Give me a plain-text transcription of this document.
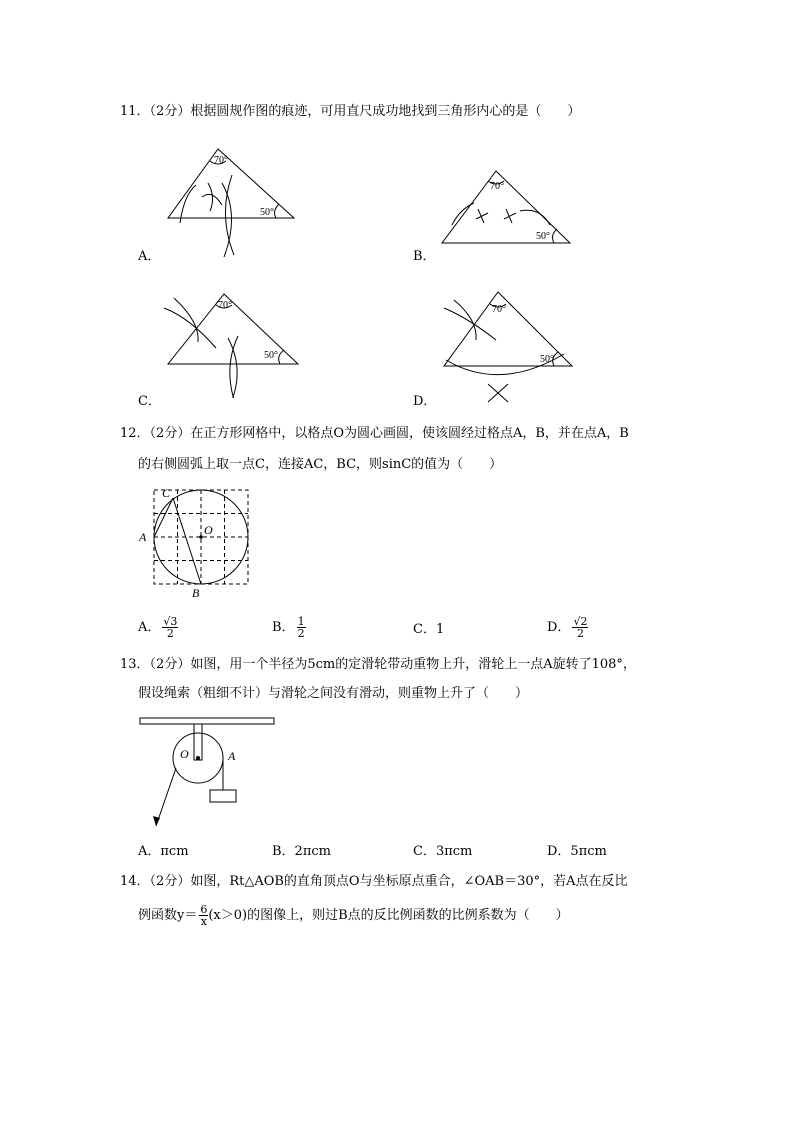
11．（2分）根据圆规作图的痕迹，可用直尺成功地找到三角形内心的是（　　）
70°
50°
A．
70°
50°
B．
70°
50°
C．
70°
50°
D．
12．（2分）在正方形网格中，以格点O为圆心画圆，使该圆经过格点A，B，并在点A，B
的右侧圆弧上取一点C，连接AC，BC，则sinC的值为（　　）
C
O
A
B
A． $\frac{√3}{2}$	B． $\frac{1}{2}$	C．1	D． $\frac{√2}{2}$
13．（2分）如图，用一个半径为5cm的定滑轮带动重物上升，滑轮上一点A旋转了108°，
假设绳索（粗细不计）与滑轮之间没有滑动，则重物上升了（　　）
O	A
A．πcm	B．2πcm	C．3πcm	D．5πcm
14．（2分）如图，Rt△AOB的直角顶点O与坐标原点重合，∠OAB＝30°，若A点在反比
例函数$y= \frac{6}{x} (x>0)$的图像上，则过B点的反比例函数的比例系数为（　　）
